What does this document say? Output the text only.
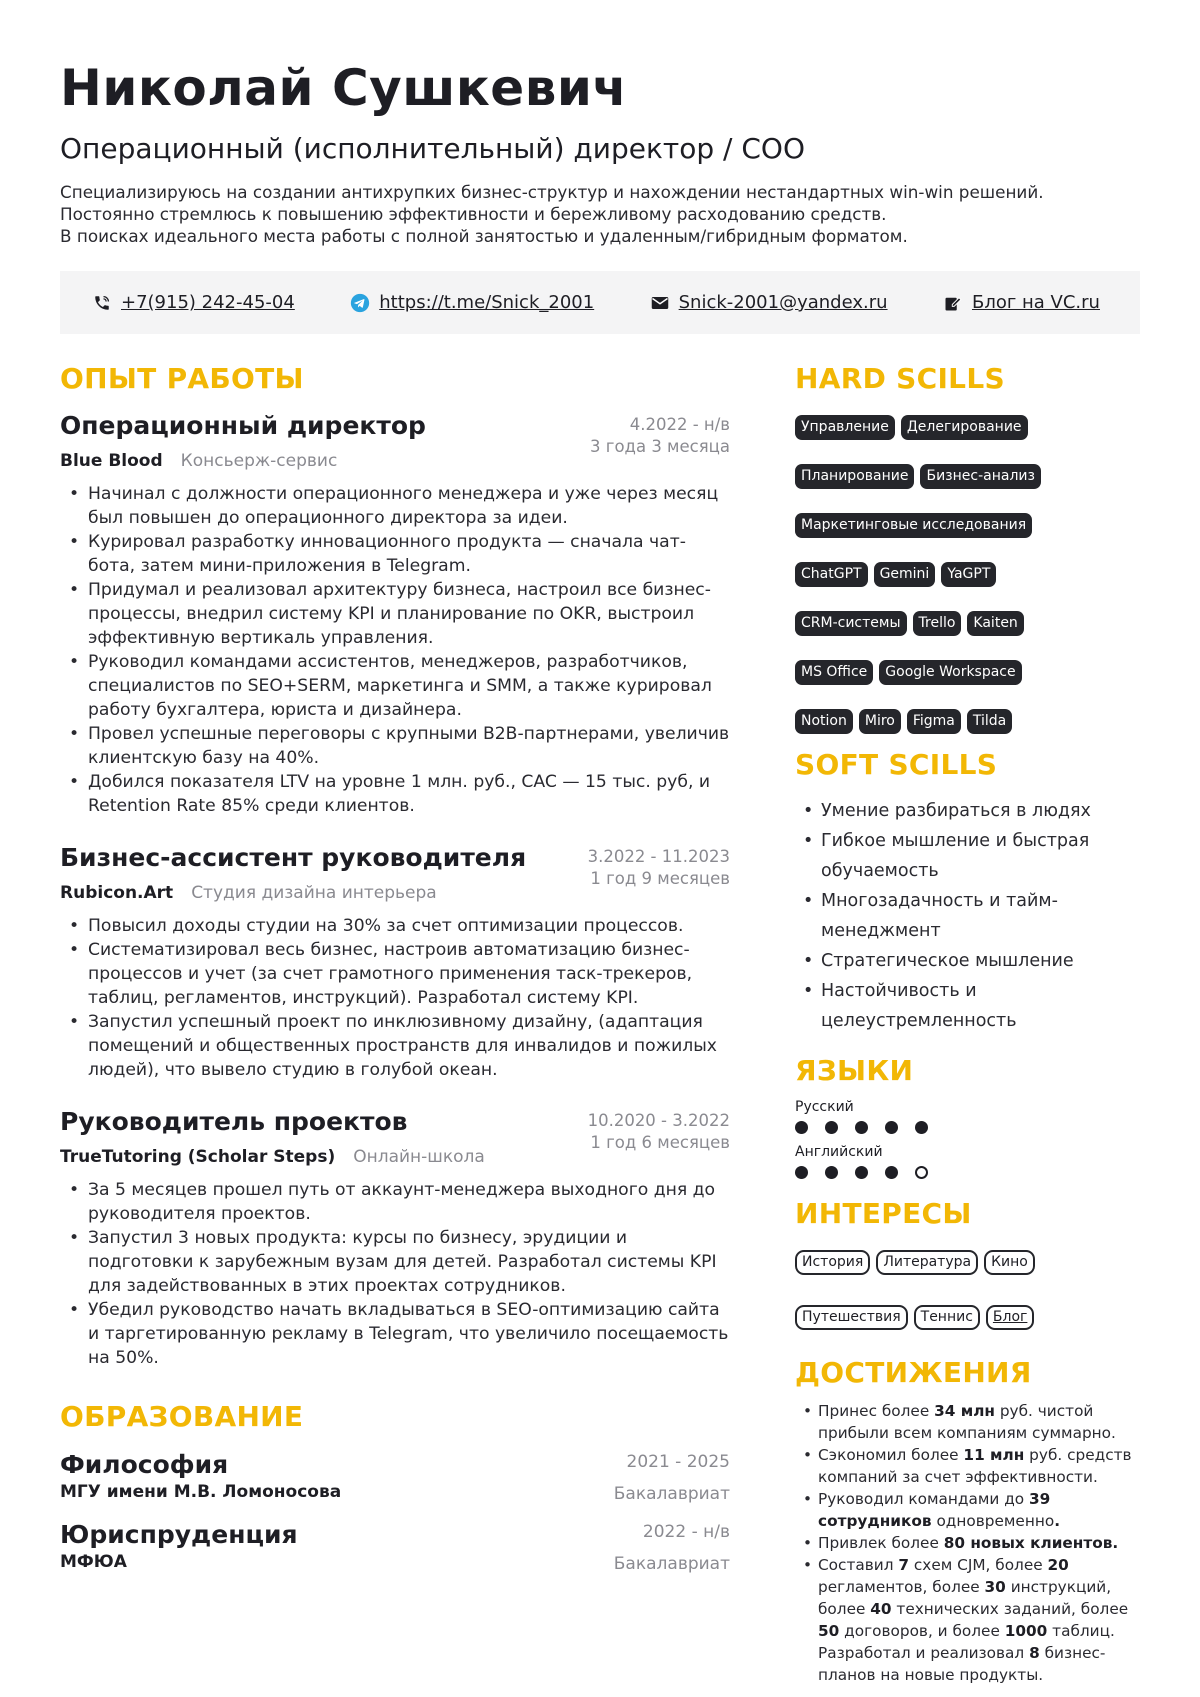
Николай Сушкевич
Операционный (исполнительный) директор / COO
Специализируюсь на создании антихрупких бизнес-структур и нахождении нестандартных win-win решений.
Постоянно стремлюсь к повышению эффективности и бережливому расходованию средств.
В поисках идеального места работы с полной занятостью и удаленным/гибридным форматом.
+7(915) 242-45-04	https://t.me/Snick_2001	Snick-2001@yandex.ru	Блог на VC.ru
ОПЫТ РАБОТЫ
Операционный директор	4.2022 - н/в
3 года 3 месяца
Blue Blood Консьерж-сервис
• Начинал с должности операционного менеджера и уже через месяц был повышен до операционного директора за идеи.
• Курировал разработку инновационного продукта — сначала чат-бота, затем мини-приложения в Telegram.
• Придумал и реализовал архитектуру бизнеса, настроил все бизнес-процессы, внедрил систему KPI и планирование по OKR, выстроил эффективную вертикаль управления.
• Руководил командами ассистентов, менеджеров, разработчиков, специалистов по SEO+SERM, маркетинга и SMM, а также курировал работу бухгалтера, юриста и дизайнера.
• Провел успешные переговоры с крупными B2B-партнерами, увеличив клиентскую базу на 40%.
• Добился показателя LTV на уровне 1 млн. руб., CAC — 15 тыс. руб, и Retention Rate 85% среди клиентов.
Бизнес-ассистент руководителя	3.2022 - 11.2023
1 год 9 месяцев
Rubicon.Art Студия дизайна интерьера
• Повысил доходы студии на 30% за счет оптимизации процессов.
• Систематизировал весь бизнес, настроив автоматизацию бизнес-процессов и учет (за счет грамотного применения таск-трекеров, таблиц, регламентов, инструкций). Разработал систему KPI.
• Запустил успешный проект по инклюзивному дизайну, (адаптация помещений и общественных пространств для инвалидов и пожилых людей), что вывело студию в голубой океан.
Руководитель проектов	10.2020 - 3.2022
1 год 6 месяцев
TrueTutoring (Scholar Steps) Онлайн-школа
• За 5 месяцев прошел путь от аккаунт-менеджера выходного дня до руководителя проектов.
• Запустил 3 новых продукта: курсы по бизнесу, эрудиции и подготовки к зарубежным вузам для детей. Разработал системы KPI для задействованных в этих проектах сотрудников.
• Убедил руководство начать вкладываться в SEO-оптимизацию сайта и таргетированную рекламу в Telegram, что увеличило посещаемость на 50%.
ОБРАЗОВАНИЕ
Философия
МГУ имени М.В. Ломоносова
2021 - 2025
Бакалавриат
Юриспруденция
МФЮА
2022 - н/в
Бакалавриат
HARD SCILLS
Управление	Делегирование
Планирование	Бизнес-анализ
Маркетинговые исследования
ChatGPT	Gemini	YaGPT
CRM-системы	Trello	Kaiten
MS Office	Google Workspace
Notion	Miro	Figma	Tilda
SOFT SCILLS
• Умение разбираться в людях
• Гибкое мышление и быстрая обучаемость
• Многозадачность и тайм-менеджмент
• Стратегическое мышление
• Настойчивость и целеустремленность
ЯЗЫКИ
Русский
Английский
ИНТЕРЕСЫ
История	Литература	Кино
Путешествия	Теннис	Блог
ДОСТИЖЕНИЯ
• Принес более 34 млн руб. чистой прибыли всем компаниям суммарно.
• Сэкономил более 11 млн руб. средств компаний за счет эффективности.
• Руководил командами до 39 сотрудников одновременно.
• Привлек более 80 новых клиентов.
• Составил 7 схем CJM, более 20 регламентов, более 30 инструкций, более 40 технических заданий, более 50 договоров, и более 1000 таблиц. Разработал и реализовал 8 бизнес-планов на новые продукты.
